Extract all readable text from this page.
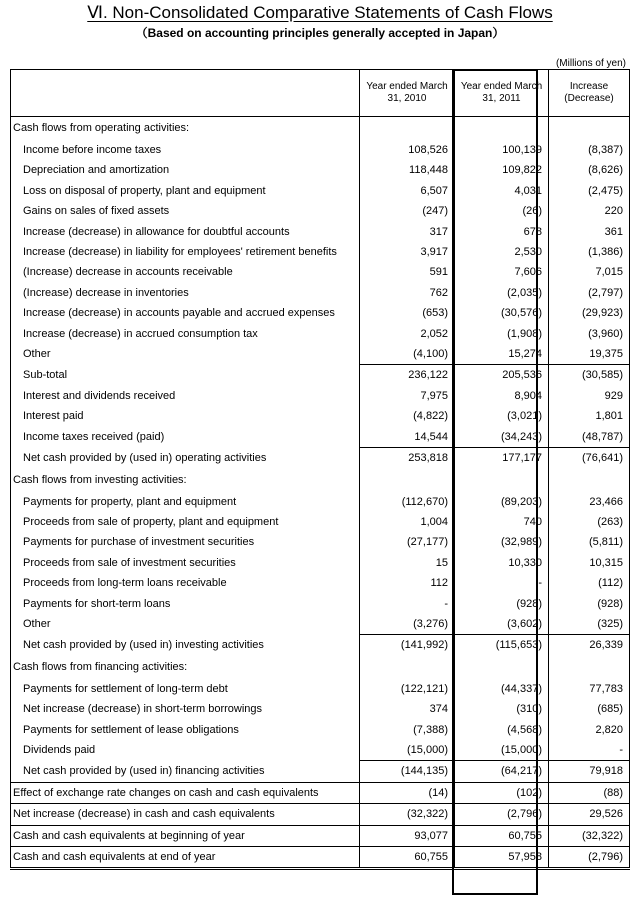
Ⅵ. Non-Consolidated Comparative Statements of Cash Flows
（Based on accounting principles generally accepted in Japan）
(Millions of yen)
	Year ended March 31, 2010	Year ended March 31, 2011	Increase (Decrease)
Cash flows from operating activities:			
Income before income taxes	108,526	100,139	(8,387)
Depreciation and amortization	118,448	109,822	(8,626)
Loss on disposal of property, plant and equipment	6,507	4,031	(2,475)
Gains on sales of fixed assets	(247)	(26)	220
Increase (decrease) in allowance for doubtful accounts	317	678	361
Increase (decrease) in liability for employees' retirement benefits	3,917	2,530	(1,386)
(Increase) decrease in accounts receivable	591	7,606	7,015
(Increase) decrease in inventories	762	(2,035)	(2,797)
Increase (decrease) in accounts payable and accrued expenses	(653)	(30,576)	(29,923)
Increase (decrease) in accrued consumption tax	2,052	(1,908)	(3,960)
Other	(4,100)	15,274	19,375
Sub-total	236,122	205,536	(30,585)
Interest and dividends received	7,975	8,904	929
Interest paid	(4,822)	(3,021)	1,801
Income taxes received (paid)	14,544	(34,243)	(48,787)
Net cash provided by (used in) operating activities	253,818	177,177	(76,641)
Cash flows from investing activities:			
Payments for property, plant and equipment	(112,670)	(89,203)	23,466
Proceeds from sale of property, plant and equipment	1,004	740	(263)
Payments for purchase of investment securities	(27,177)	(32,989)	(5,811)
Proceeds from sale of investment securities	15	10,330	10,315
Proceeds from long-term loans receivable	112	-	(112)
Payments for short-term loans	-	(928)	(928)
Other	(3,276)	(3,602)	(325)
Net cash provided by (used in) investing activities	(141,992)	(115,653)	26,339
Cash flows from financing activities:			
Payments for settlement of long-term debt	(122,121)	(44,337)	77,783
Net increase (decrease) in short-term borrowings	374	(310)	(685)
Payments for settlement of lease obligations	(7,388)	(4,568)	2,820
Dividends paid	(15,000)	(15,000)	-
Net cash provided by (used in) financing activities	(144,135)	(64,217)	79,918
Effect of exchange rate changes on cash and cash equivalents	(14)	(102)	(88)
Net increase (decrease) in cash and cash equivalents	(32,322)	(2,796)	29,526
Cash and cash equivalents at beginning of year	93,077	60,755	(32,322)
Cash and cash equivalents at end of year	60,755	57,958	(2,796)
